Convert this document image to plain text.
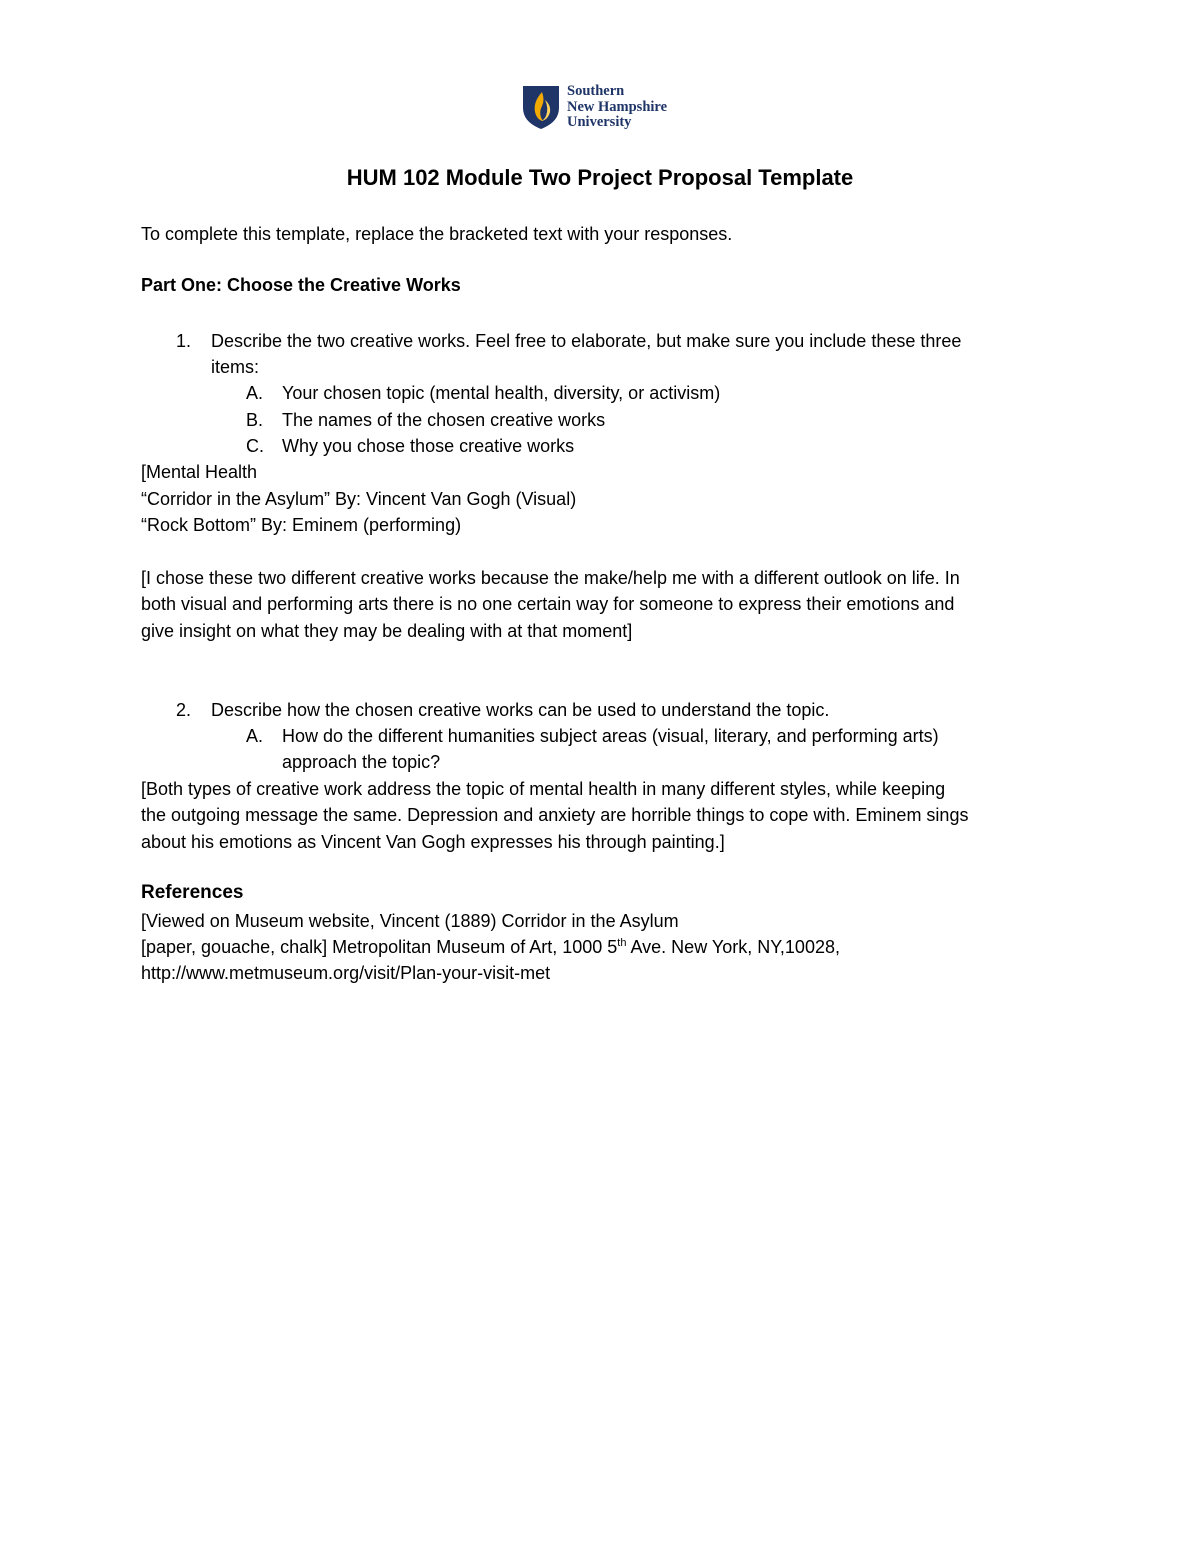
Southern
New Hampshire
University
HUM 102 Module Two Project Proposal Template
To complete this template, replace the bracketed text with your responses.
Part One: Choose the Creative Works
1. Describe the two creative works. Feel free to elaborate, but make sure you include these three
items:
A. Your chosen topic (mental health, diversity, or activism)
B. The names of the chosen creative works
C. Why you chose those creative works
[Mental Health
“Corridor in the Asylum” By: Vincent Van Gogh (Visual)
“Rock Bottom” By: Eminem (performing)
[I chose these two different creative works because the make/help me with a different outlook on life. In
both visual and performing arts there is no one certain way for someone to express their emotions and
give insight on what they may be dealing with at that moment]
2. Describe how the chosen creative works can be used to understand the topic.
A. How do the different humanities subject areas (visual, literary, and performing arts)
approach the topic?
[Both types of creative work address the topic of mental health in many different styles, while keeping
the outgoing message the same. Depression and anxiety are horrible things to cope with. Eminem sings
about his emotions as Vincent Van Gogh expresses his through painting.]
References
[Viewed on Museum website, Vincent (1889) Corridor in the Asylum
[paper, gouache, chalk] Metropolitan Museum of Art, 1000 5th Ave. New York, NY,10028,
http://www.metmuseum.org/visit/Plan-your-visit-met
